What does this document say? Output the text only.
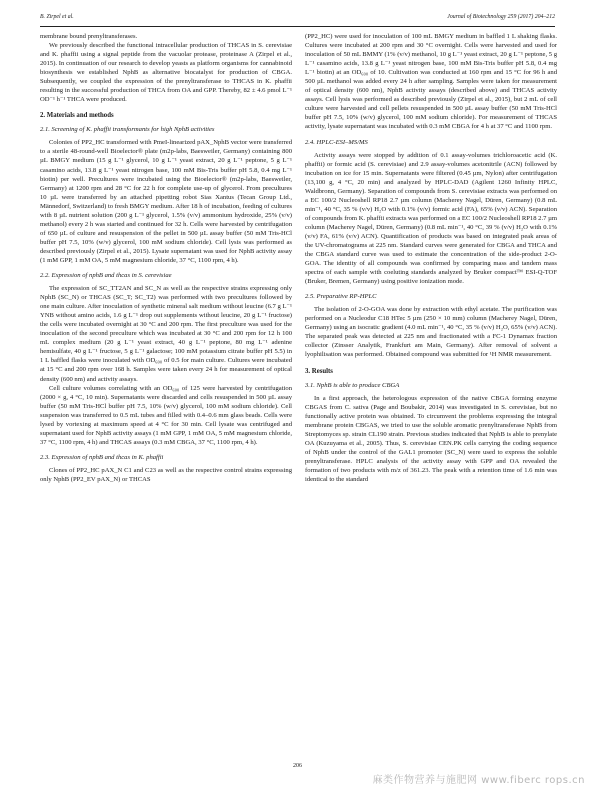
B. Zirpel et al.	Journal of Biotechnology 259 (2017) 204–212

membrane bound prenyltransferases.

We previously described the functional intracellular production of THCAS in S. cerevisiae and K. phaffii using a signal peptide from the vacuolar protease, proteinase A (Zirpel et al., 2015). In continuation of our research to develop yeasts as platform organisms for cannabinoid biosynthesis we established NphB as alternative biocatalyst for production of CBGA. Subsequently, we coupled the expression of the prenyltransferase to THCAS in K. phaffii resulting in the successful production of THCA from OA and GPP. Thereby, 82 ± 4.6 pmol L⁻¹ OD⁻¹ h⁻¹ THCA were produced.

2. Materials and methods
2.1. Screening of K. phaffii transformants for high NphB activities

Colonies of PP2_HC transformed with PmeI-linearized pAX_NphB vector were transferred to a sterile 48-round-well Bioelector® plate (m2p-labs, Baesweiler, Germany) containing 800 µL BMGY medium (15 g L⁻¹ glycerol, 10 g L⁻¹ yeast extract, 20 g L⁻¹ peptone, 5 g L⁻¹ casamino acids, 13.8 g L⁻¹ yeast nitrogen base, 100 mM Bis-Tris buffer pH 5.8, 0.4 mg L⁻¹ biotin) per well. Precultures were incubated using the Bioelector® (m2p-labs, Baesweiler, Germany) at 1200 rpm and 28 °C for 22 h for complete use-up of glycerol. From precultures 10 µL were transferred by an attached pipetting robot Sias Xantus (Tecan Group Ltd., Männedorf, Switzerland) to fresh BMGY medium. After 18 h of incubation, feeding of cultures with 8 µL nutrient solution (200 g L⁻¹ glycerol, 1.5% (v/v) ammonium hydroxide, 25% (v/v) methanol) every 2 h was started and continued for 32 h. Cells were harvested by centrifugation of 650 µL of culture and resuspension of the pellet in 500 µL assay buffer (50 mM Tris-HCl buffer pH 7.5, 10% (w/v) glycerol, 100 mM sodium chloride). Cell lysis was performed as described previously (Zirpel et al., 2015). Lysate supernatant was used for NphB activity assay (1 mM GPP, 1 mM OA, 5 mM magnesium chloride, 37 °C, 1100 rpm, 4 h).

2.2. Expression of nphB and thcas in S. cerevisiae

The expression of SC_TT2AN and SC_N as well as the respective strains expressing only NphB (SC_N) or THCAS (SC_T; SC_T2) was performed with two precultures followed by one main culture. After inoculation of synthetic mineral salt medium without leucine (6.7 g L⁻¹ YNB without amino acids, 1.6 g L⁻¹ drop out supplements without leucine, 20 g L⁻¹ fructose) the cells were incubated overnight at 30 °C and 200 rpm. The first preculture was used for the inoculation of the second preculture which was incubated at 30 °C and 200 rpm for 12 h 100 mL complex medium (20 g L⁻¹ yeast extract, 40 g L⁻¹ peptone, 80 mg L⁻¹ adenine hemisulfate, 40 g L⁻¹ fructose, 5 g L⁻¹ galactose; 100 mM potassium citrate buffer pH 5.5) in 1 L baffled flasks were inoculated with OD₆₀₀ of 0.5 for main culture. Cultures were incubated at 15 °C and 200 rpm over 168 h. Samples were taken every 24 h for measurement of optical density (600 nm) and activity assays.

Cell culture volumes correlating with an OD₆₀₀ of 125 were harvested by centrifugation (2000 × g, 4 °C, 10 min). Supernatants were discarded and cells resuspended in 500 µL assay buffer (50 mM Tris-HCl buffer pH 7.5, 10% (w/v) glycerol, 100 mM sodium chloride). Cell suspension was transferred to 0.5 mL tubes and filled with 0.4–0.6 mm glass beads. Cells were lysed by vortexing at maximum speed at 4 °C for 30 min. Cell lysate was centrifuged and supernatant used for NphB activity assays (1 mM GPP, 1 mM OA, 5 mM magnesium chloride, 37 °C, 1100 rpm, 4 h) and THCAS assays (0.3 mM CBGA, 37 °C, 1100 rpm, 4 h).

2.3. Expression of nphB and thcas in K. phaffii

Clones of PP2_HC pAX_N C1 and C23 as well as the respective control strains expressing only NphB (PP2_EV pAX_N) or THCAS

(PP2_HC) were used for inoculation of 100 mL BMGY medium in baffled 1 L shaking flasks. Cultures were incubated at 200 rpm and 30 °C overnight. Cells were harvested and used for inoculation of 50 mL BMMY (1% (v/v) methanol, 10 g L⁻¹ yeast extract, 20 g L⁻¹ peptone, 5 g L⁻¹ casamino acids, 13.8 g L⁻¹ yeast nitrogen base, 100 mM Bis-Tris buffer pH 5.8, 0.4 mg L⁻¹ biotin) at an OD₆₀₀ of 10. Cultivation was conducted at 160 rpm and 15 °C for 96 h and 500 µL methanol was added every 24 h after sampling. Samples were taken for measurement of optical density (600 nm), NphB activity assays (described above) and THCAS activity assays. Cell lysis was performed as described previously (Zirpel et al., 2015), but 2 mL of cell culture were harvested and cell pellets resuspended in 500 µL assay buffer (50 mM Tris-HCl buffer pH 7.5, 10% (w/v) glycerol, 100 mM sodium chloride). For measurement of THCAS activity, lysate supernatant was incubated with 0.3 mM CBGA for 4 h at 37 °C and 1100 rpm.

2.4. HPLC-ESI–MS/MS

Activity assays were stopped by addition of 0.1 assay-volumes trichloroacetic acid (K. phaffii) or formic acid (S. cerevisiae) and 2.9 assay-volumes acetonitrile (ACN) followed by incubation on ice for 15 min. Supernatants were filtered (0.45 µm, Nylon) after centrifugation (13,100 g, 4 °C, 20 min) and analyzed by HPLC-DAD (Agilent 1260 Infinity HPLC, Waldbronn, Germany). Separation of compounds from S. cerevisiae extracts was performed on a EC 100/2 Nucleoshell RP18 2.7 µm column (Macherey Nagel, Düren, Germany) (0.8 mL min⁻¹, 40 °C, 35 % (v/v) H₂O with 0.1% (v/v) formic acid (FA), 65% (v/v) ACN). Separation of compounds from K. phaffii extracts was performed on a EC 100/2 Nucleoshell RP18 2.7 µm column (Macherey Nagel, Düren, Germany) (0.8 mL min⁻¹, 40 °C, 39 % (v/v) H₂O with 0.1% (v/v) FA, 61% (v/v) ACN). Quantification of products was based on integrated peak areas of the UV-chromatograms at 225 nm. Standard curves were generated for CBGA and THCA and the CBGA standard curve was used to estimate the concentration of the side-product 2-O-GOA. The identity of all compounds was confirmed by comparing mass and tandem mass spectra of each sample with coeluting standards analyzed by Bruker compact™ ESI-Q-TOF (Bruker, Bremen, Germany) using positive ionization mode.

2.5. Preparative RP-HPLC

The isolation of 2-O-GOA was done by extraction with ethyl acetate. The purification was performed on a Nucleodur C18 HTec 5 µm (250 × 10 mm) column (Macherey Nagel, Düren, Germany) using an isocratic gradient (4.0 mL min⁻¹, 40 °C, 35 % (v/v) H₂O, 65% (v/v) ACN). The separated peak was detected at 225 nm and fractionated with a FC-1 Dynamax fraction collector (Zinsser Analytik, Frankfurt am Main, Germany). After removal of solvent a lyophilisation was performed. Obtained compound was submitted for ¹H NMR measurement.

3. Results
3.1. NphB is able to produce CBGA

In a first approach, the heterologous expression of the native CBGA forming enzyme CBGAS from C. sativa (Page and Boubakir, 2014) was investigated in S. cerevisiae, but no functionally active protein was obtained. To circumvent the problems expressing the integral membrane protein CBGAS, we tried to use the soluble aromatic prenyltransferase NphB from Streptomyces sp. strain CL190 strain. Previous studies indicated that NphB is able to prenylate OA (Kuzuyama et al., 2005). Thus, S. cerevisiae CEN.PK cells carrying the coding sequence of NphB under the control of the GAL1 promoter (SC_N) were used to express the soluble prenyltransferase. HPLC analysis of the activity assay with GPP and OA revealed the formation of two products with m/z of 361.23. The peak with a retention time of 1.6 min was identical to the standard

206
麻类作物营养与施肥网 www.fiberc rops.cn
